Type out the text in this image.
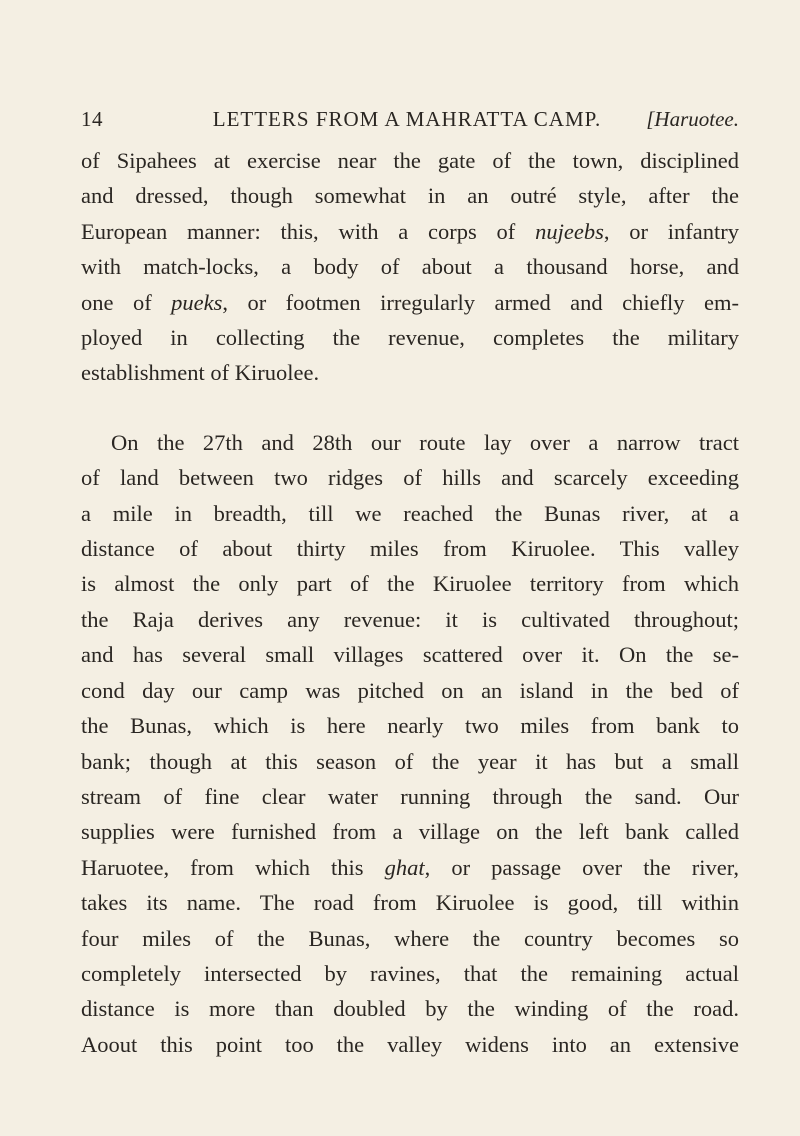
14	LETTERS FROM A MAHRATTA CAMP.	[Haruotee.

of Sipahees at exercise near the gate of the town, disciplined
and dressed, though somewhat in an outré style, after the
European manner: this, with a corps of nujeebs, or infantry
with match-locks, a body of about a thousand horse, and
one of pueks, or footmen irregularly armed and chiefly em-
ployed in collecting the revenue, completes the military
establishment of Kiruolee.

On the 27th and 28th our route lay over a narrow tract
of land between two ridges of hills and scarcely exceeding
a mile in breadth, till we reached the Bunas river, at a
distance of about thirty miles from Kiruolee. This valley
is almost the only part of the Kiruolee territory from which
the Raja derives any revenue: it is cultivated throughout;
and has several small villages scattered over it. On the se-
cond day our camp was pitched on an island in the bed of
the Bunas, which is here nearly two miles from bank to
bank; though at this season of the year it has but a small
stream of fine clear water running through the sand. Our
supplies were furnished from a village on the left bank called
Haruotee, from which this ghat, or passage over the river,
takes its name. The road from Kiruolee is good, till within
four miles of the Bunas, where the country becomes so
completely intersected by ravines, that the remaining actual
distance is more than doubled by the winding of the road.
Aoout this point too the valley widens into an extensive
